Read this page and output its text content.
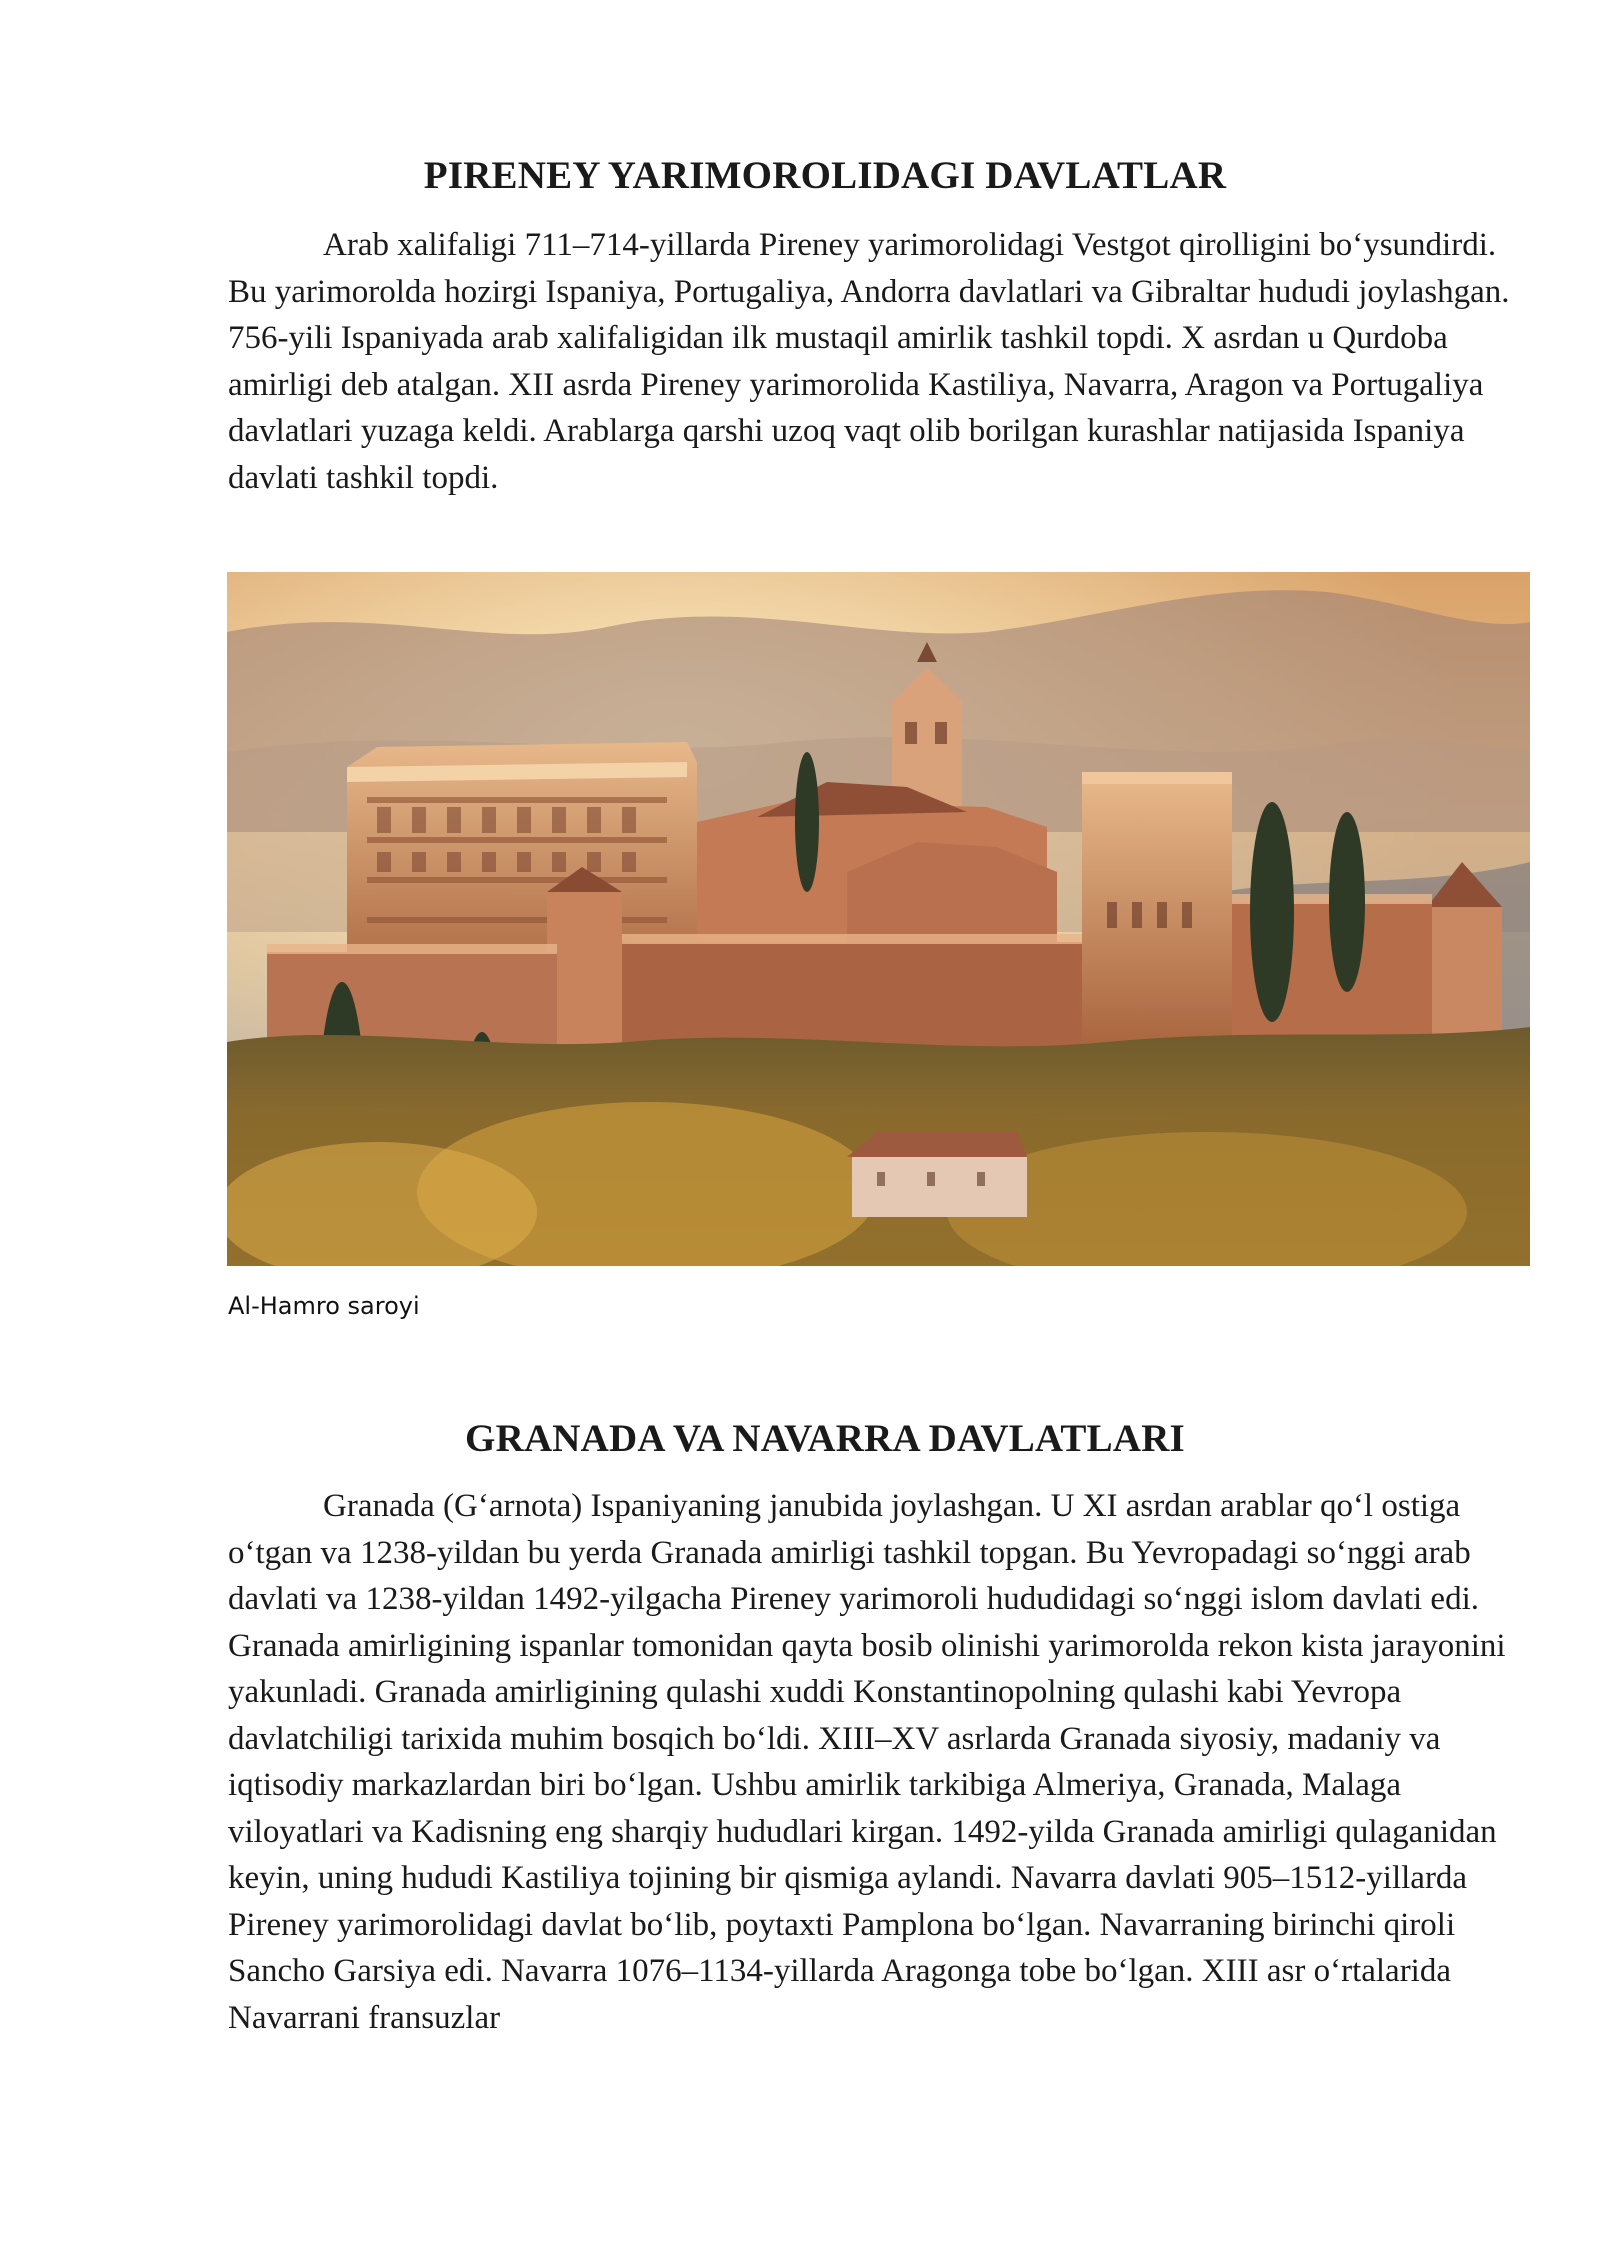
PIRENEY YARIMOROLIDAGI DAVLATLAR

Arab xalifaligi 711–714-yillarda Pireney yarimorolidagi Vestgot qirolligini bo‘ysundirdi. Bu yarimorolda hozirgi Ispaniya, Portugaliya, Andorra davlatlari va Gibraltar hududi joylashgan. 756-yili Ispaniyada arab xalifaligidan ilk mustaqil amirlik tashkil topdi. X asrdan u Qurdoba amirligi deb atalgan. XII asrda Pireney yarimorolida Kastiliya, Navarra, Aragon va Portugaliya davlatlari yuzaga keldi. Arablarga qarshi uzoq vaqt olib borilgan kurashlar natijasida Ispaniya davlati tashkil topdi.

Al-Hamro saroyi
GRANADA VA NAVARRA DAVLATLARI

Granada (G‘arnota) Ispaniyaning janubida joylashgan. U XI asrdan arablar qo‘l ostiga o‘tgan va 1238-yildan bu yerda Granada amirligi tashkil topgan. Bu Yevropadagi so‘nggi arab davlati va 1238-yildan 1492-yilgacha Pireney yarimoroli hududidagi so‘nggi islom davlati edi. Granada amirligining ispanlar tomonidan qayta bosib olinishi yarimorolda rekon kista jarayonini yakunladi. Granada amirligining qulashi xuddi Konstantinopolning qulashi kabi Yevropa davlatchiligi tarixida muhim bosqich bo‘ldi. XIII–XV asrlarda Granada siyosiy, madaniy va iqtisodiy markazlardan biri bo‘lgan. Ushbu amirlik tarkibiga Almeriya, Granada, Malaga viloyatlari va Kadisning eng sharqiy hududlari kirgan. 1492-yilda Granada amirligi qulaganidan keyin, uning hududi Kastiliya tojining bir qismiga aylandi. Navarra davlati 905–1512-yillarda Pireney yarimorolidagi davlat bo‘lib, poytaxti Pamplona bo‘lgan. Navarraning birinchi qiroli Sancho Garsiya edi. Navarra 1076–1134-yillarda Aragonga tobe bo‘lgan. XIII asr o‘rtalarida Navarrani fransuzlar
